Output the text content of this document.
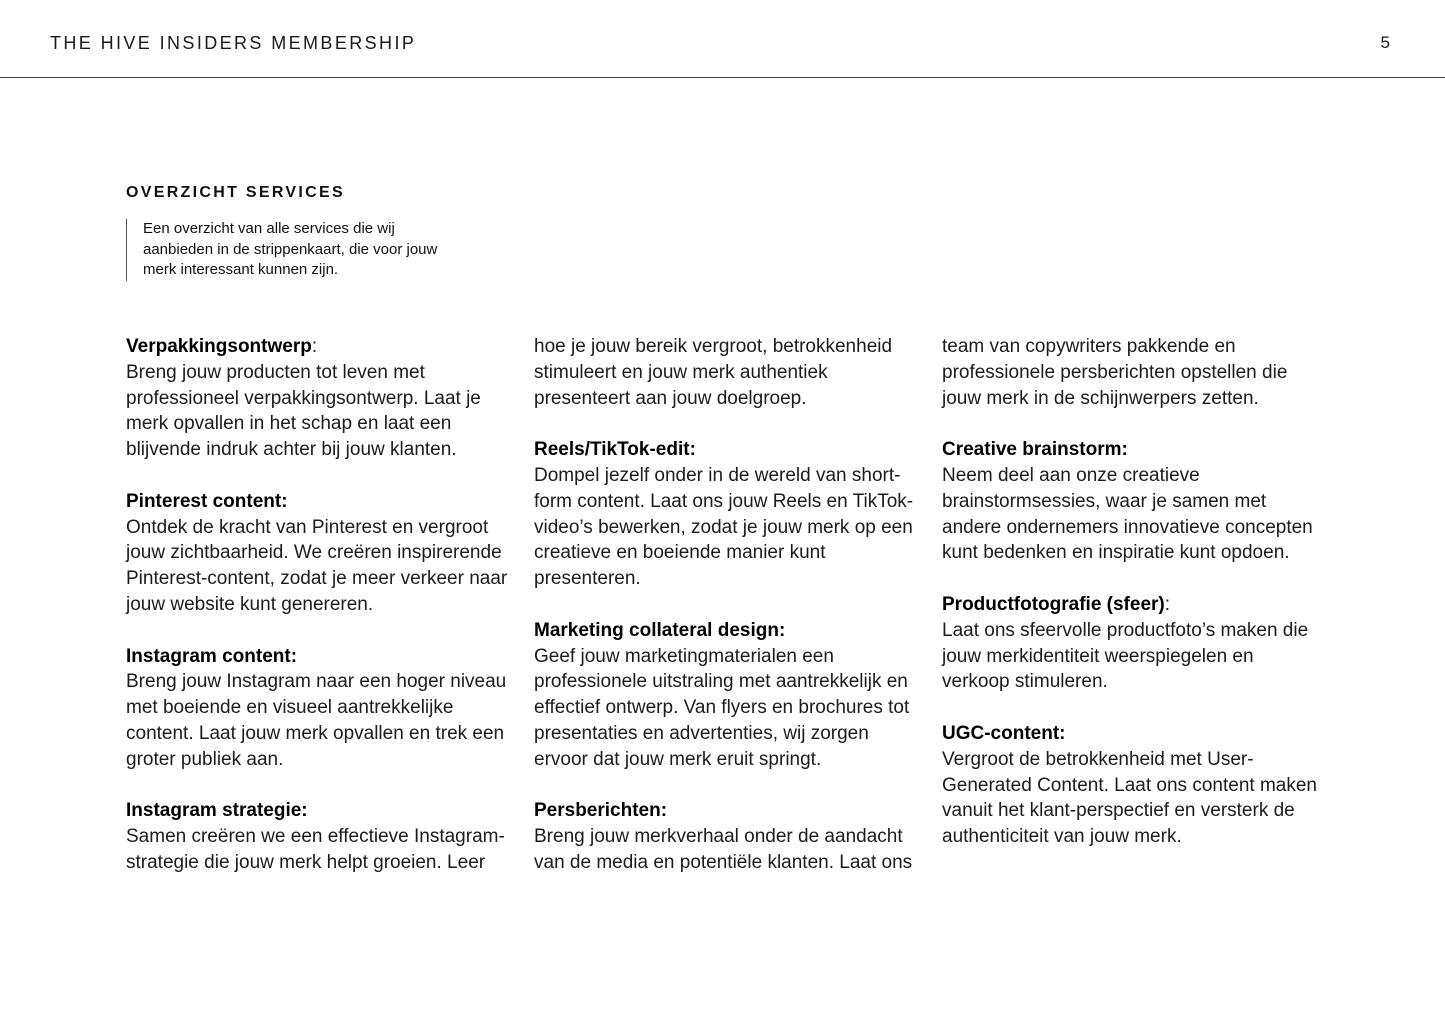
THE HIVE INSIDERS MEMBERSHIP	5
OVERZICHT SERVICES
Een overzicht van alle services die wij aanbieden in de strippenkaart, die voor jouw merk interessant kunnen zijn.
Verpakkingsontwerp:
Breng jouw producten tot leven met professioneel verpakkingsontwerp. Laat je merk opvallen in het schap en laat een blijvende indruk achter bij jouw klanten.
Pinterest content:
Ontdek de kracht van Pinterest en vergroot jouw zichtbaarheid. We creëren inspirerende Pinterest-content, zodat je meer verkeer naar jouw website kunt genereren.
Instagram content:
Breng jouw Instagram naar een hoger niveau met boeiende en visueel aantrekkelijke content. Laat jouw merk opvallen en trek een groter publiek aan.
Instagram strategie:
Samen creëren we een effectieve Instagram-strategie die jouw merk helpt groeien. Leer hoe je jouw bereik vergroot, betrokkenheid stimuleert en jouw merk authentiek presenteert aan jouw doelgroep.
Reels/TikTok-edit:
Dompel jezelf onder in de wereld van short-form content. Laat ons jouw Reels en TikTok-video’s bewerken, zodat je jouw merk op een creatieve en boeiende manier kunt presenteren.
Marketing collateral design:
Geef jouw marketingmaterialen een professionele uitstraling met aantrekkelijk en effectief ontwerp. Van flyers en brochures tot presentaties en advertenties, wij zorgen ervoor dat jouw merk eruit springt.
Persberichten:
Breng jouw merkverhaal onder de aandacht van de media en potentiële klanten. Laat ons team van copywriters pakkende en professionele persberichten opstellen die jouw merk in de schijnwerpers zetten.
Creative brainstorm:
Neem deel aan onze creatieve brainstormsessies, waar je samen met andere ondernemers innovatieve concepten kunt bedenken en inspiratie kunt opdoen.
Productfotografie (sfeer):
Laat ons sfeervolle productfoto’s maken die jouw merkidentiteit weerspiegelen en verkoop stimuleren.
UGC-content:
Vergroot de betrokkenheid met User-Generated Content. Laat ons content maken vanuit het klant-perspectief en versterk de authenticiteit van jouw merk.
